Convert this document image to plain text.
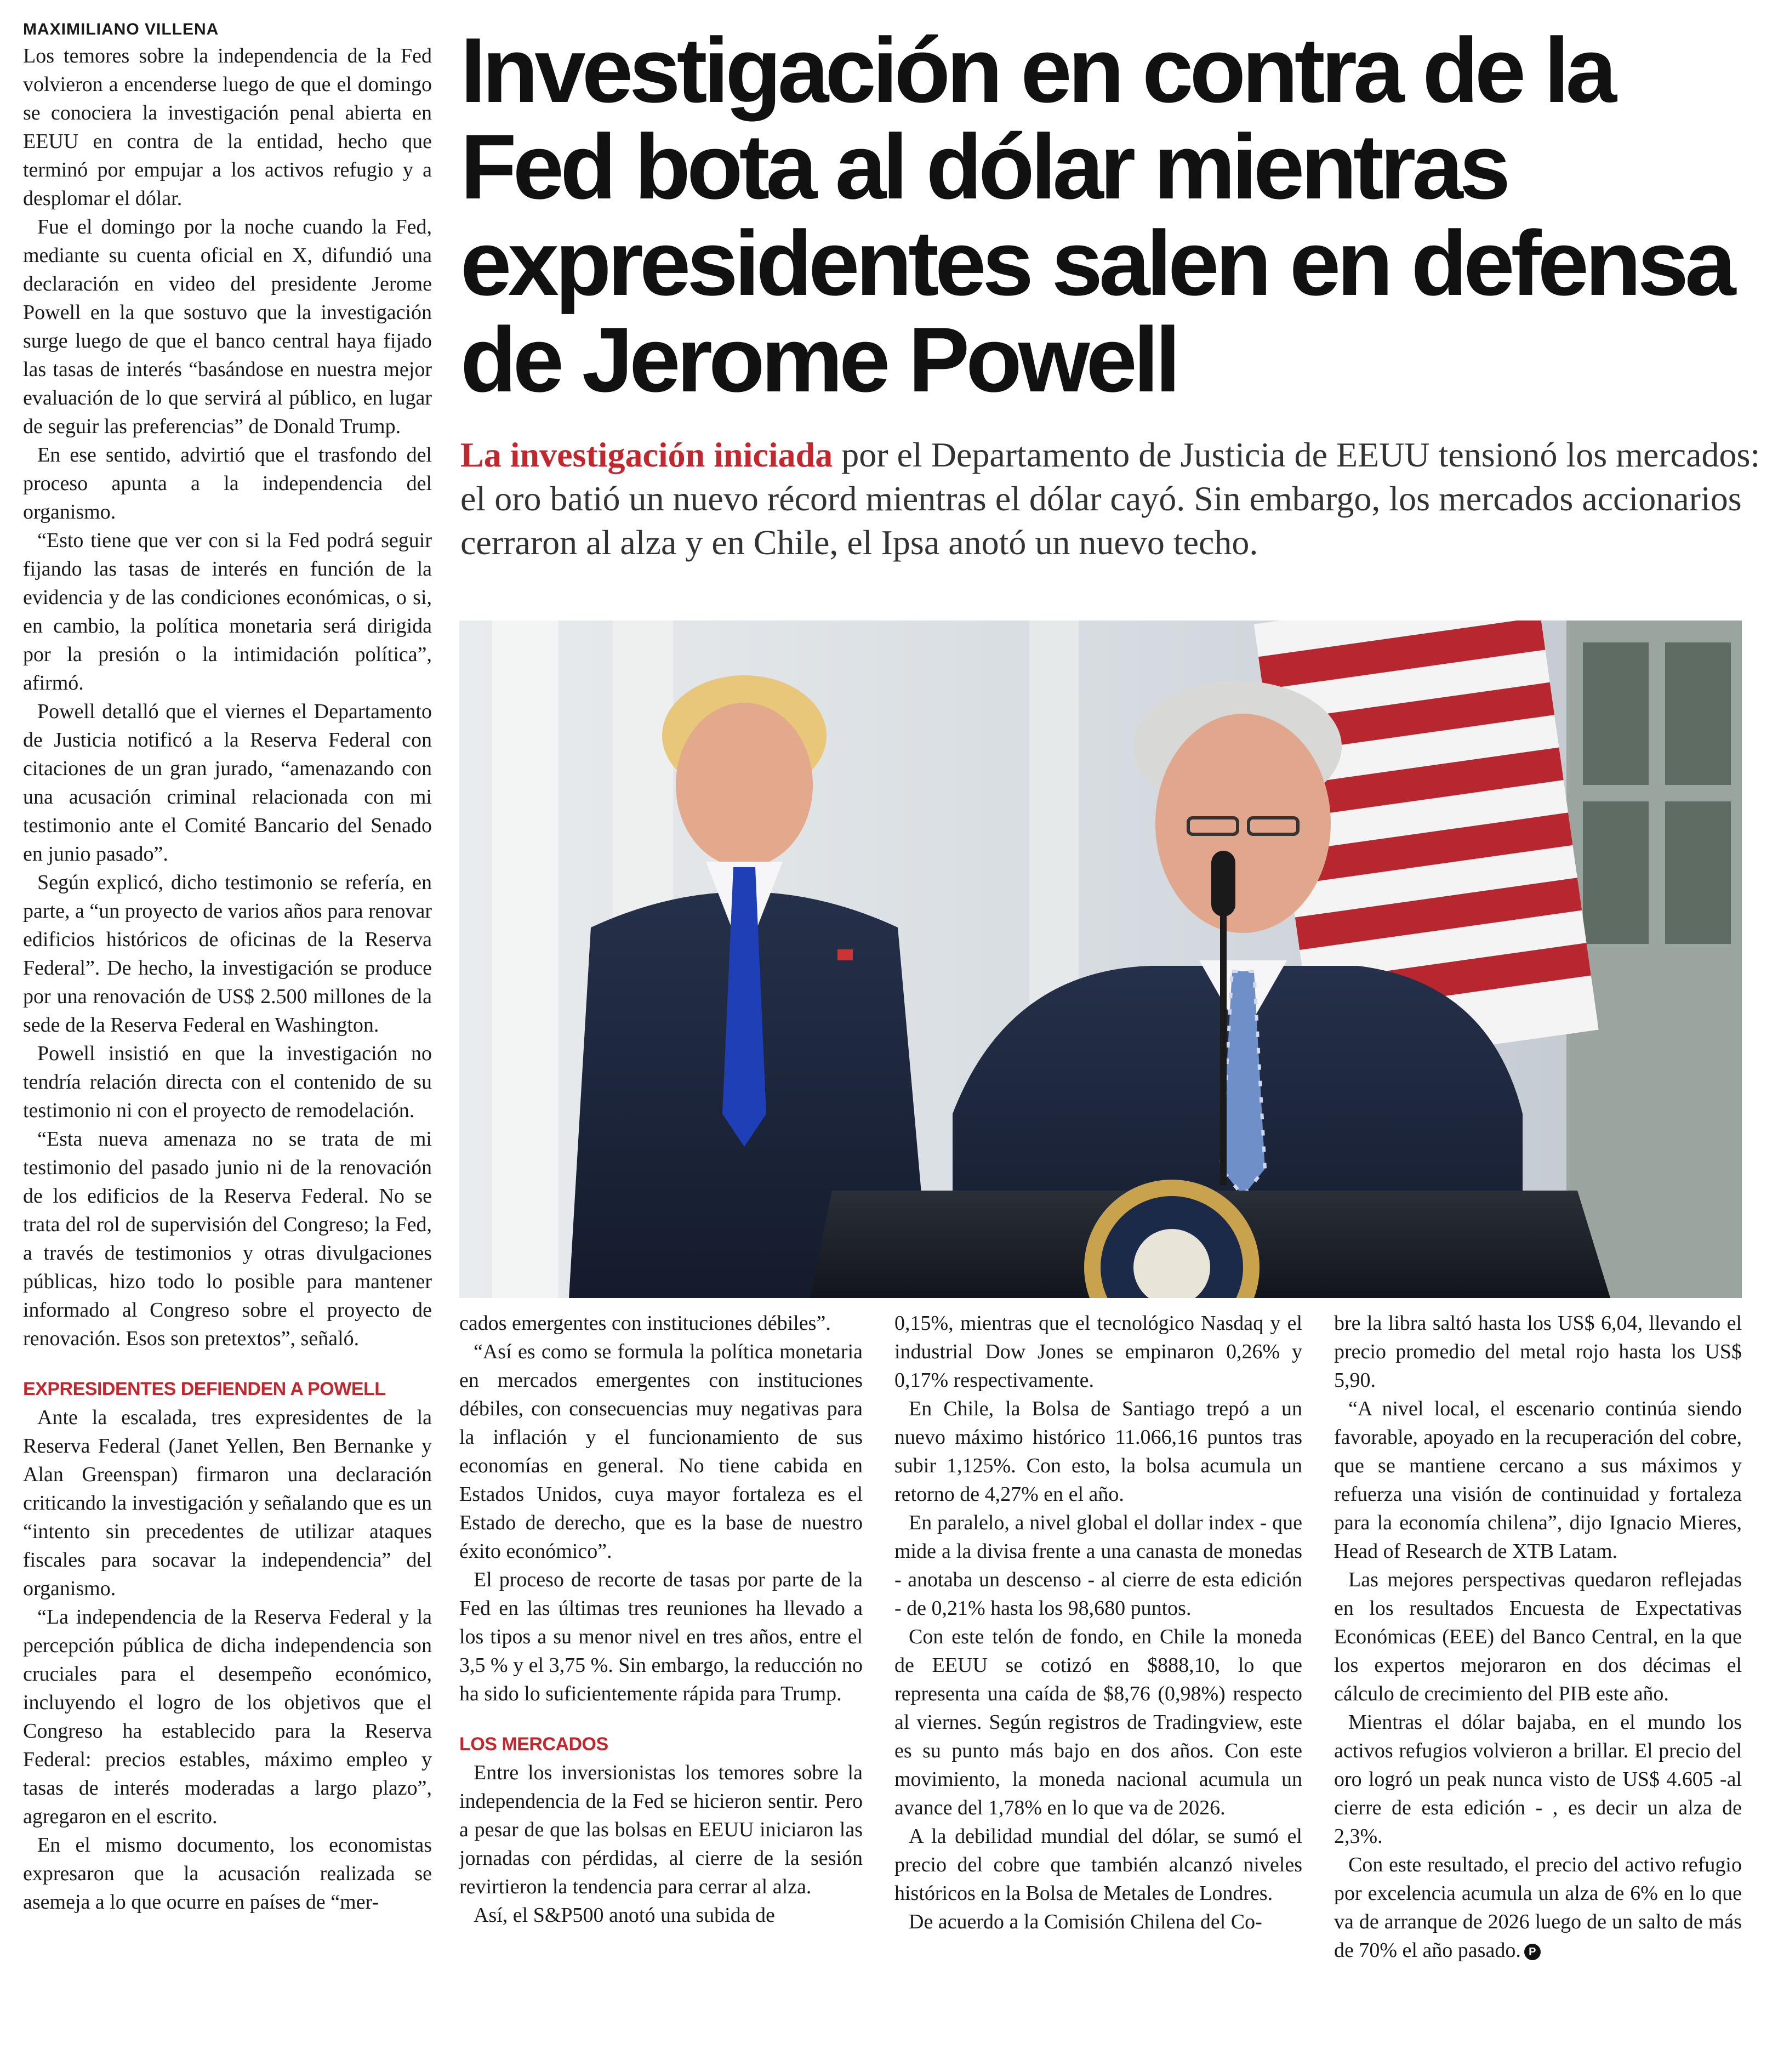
MAXIMILIANO VILLENA

Los temores sobre la independencia de la Fed volvieron a encenderse luego de que el domingo se conociera la investigación penal abierta en EEUU en contra de la entidad, hecho que terminó por empujar a los activos refugio y a desplomar el dólar.

Fue el domingo por la noche cuando la Fed, mediante su cuenta oficial en X, difundió una declaración en video del presidente Jerome Powell en la que sostuvo que la investigación surge luego de que el banco central haya fijado las tasas de interés “basándose en nuestra mejor evaluación de lo que servirá al público, en lugar de seguir las preferencias” de Donald Trump.

En ese sentido, advirtió que el trasfondo del proceso apunta a la independencia del organismo.

“Esto tiene que ver con si la Fed podrá seguir fijando las tasas de interés en función de la evidencia y de las condiciones económicas, o si, en cambio, la política monetaria será dirigida por la presión o la intimidación política”, afirmó.

Powell detalló que el viernes el Departamento de Justicia notificó a la Reserva Federal con citaciones de un gran jurado, “amenazando con una acusación criminal relacionada con mi testimonio ante el Comité Bancario del Senado en junio pasado”.

Según explicó, dicho testimonio se refería, en parte, a “un proyecto de varios años para renovar edificios históricos de oficinas de la Reserva Federal”. De hecho, la investigación se produce por una renovación de US$ 2.500 millones de la sede de la Reserva Federal en Washington.

Powell insistió en que la investigación no tendría relación directa con el contenido de su testimonio ni con el proyecto de remodelación.

“Esta nueva amenaza no se trata de mi testimonio del pasado junio ni de la renovación de los edificios de la Reserva Federal. No se trata del rol de supervisión del Congreso; la Fed, a través de testimonios y otras divulgaciones públicas, hizo todo lo posible para mantener informado al Congreso sobre el proyecto de renovación. Esos son pretextos”, señaló.

EXPRESIDENTES DEFIENDEN A POWELL

Ante la escalada, tres expresidentes de la Reserva Federal (Janet Yellen, Ben Bernanke y Alan Greenspan) firmaron una declaración criticando la investigación y señalando que es un “intento sin precedentes de utilizar ataques fiscales para socavar la independencia” del organismo.

“La independencia de la Reserva Federal y la percepción pública de dicha independencia son cruciales para el desempeño económico, incluyendo el logro de los objetivos que el Congreso ha establecido para la Reserva Federal: precios estables, máximo empleo y tasas de interés moderadas a largo plazo”, agregaron en el escrito.

En el mismo documento, los economistas expresaron que la acusación realizada se asemeja a lo que ocurre en países de “mer-

Investigación en contra de la Fed bota al dólar mientras expresidentes salen en defensa de Jerome Powell

La investigación iniciada por el Departamento de Justicia de EEUU tensionó los mercados: el oro batió un nuevo récord mientras el dólar cayó. Sin embargo, los mercados accionarios cerraron al alza y en Chile, el Ipsa anotó un nuevo techo.

cados emergentes con instituciones débiles”.

“Así es como se formula la política monetaria en mercados emergentes con instituciones débiles, con consecuencias muy negativas para la inflación y el funcionamiento de sus economías en general. No tiene cabida en Estados Unidos, cuya mayor fortaleza es el Estado de derecho, que es la base de nuestro éxito económico”.

El proceso de recorte de tasas por parte de la Fed en las últimas tres reuniones ha llevado a los tipos a su menor nivel en tres años, entre el 3,5 % y el 3,75 %. Sin embargo, la reducción no ha sido lo suficientemente rápida para Trump.

LOS MERCADOS

Entre los inversionistas los temores sobre la independencia de la Fed se hicieron sentir. Pero a pesar de que las bolsas en EEUU iniciaron las jornadas con pérdidas, al cierre de la sesión revirtieron la tendencia para cerrar al alza.

Así, el S&P500 anotó una subida de

0,15%, mientras que el tecnológico Nasdaq y el industrial Dow Jones se empinaron 0,26% y 0,17% respectivamente.

En Chile, la Bolsa de Santiago trepó a un nuevo máximo histórico 11.066,16 puntos tras subir 1,125%. Con esto, la bolsa acumula un retorno de 4,27% en el año.

En paralelo, a nivel global el dollar index - que mide a la divisa frente a una canasta de monedas - anotaba un descenso - al cierre de esta edición - de 0,21% hasta los 98,680 puntos.

Con este telón de fondo, en Chile la moneda de EEUU se cotizó en $888,10, lo que representa una caída de $8,76 (0,98%) respecto al viernes. Según registros de Tradingview, este es su punto más bajo en dos años. Con este movimiento, la moneda nacional acumula un avance del 1,78% en lo que va de 2026.

A la debilidad mundial del dólar, se sumó el precio del cobre que también alcanzó niveles históricos en la Bolsa de Metales de Londres.

De acuerdo a la Comisión Chilena del Co-

bre la libra saltó hasta los US$ 6,04, llevando el precio promedio del metal rojo hasta los US$ 5,90.

“A nivel local, el escenario continúa siendo favorable, apoyado en la recuperación del cobre, que se mantiene cercano a sus máximos y refuerza una visión de continuidad y fortaleza para la economía chilena”, dijo Ignacio Mieres, Head of Research de XTB Latam.

Las mejores perspectivas quedaron reflejadas en los resultados Encuesta de Expectativas Económicas (EEE) del Banco Central, en la que los expertos mejoraron en dos décimas el cálculo de crecimiento del PIB este año.

Mientras el dólar bajaba, en el mundo los activos refugios volvieron a brillar. El precio del oro logró un peak nunca visto de US$ 4.605 -al cierre de esta edición - , es decir un alza de 2,3%.

Con este resultado, el precio del activo refugio por excelencia acumula un alza de 6% en lo que va de arranque de 2026 luego de un salto de más de 70% el año pasado. P
